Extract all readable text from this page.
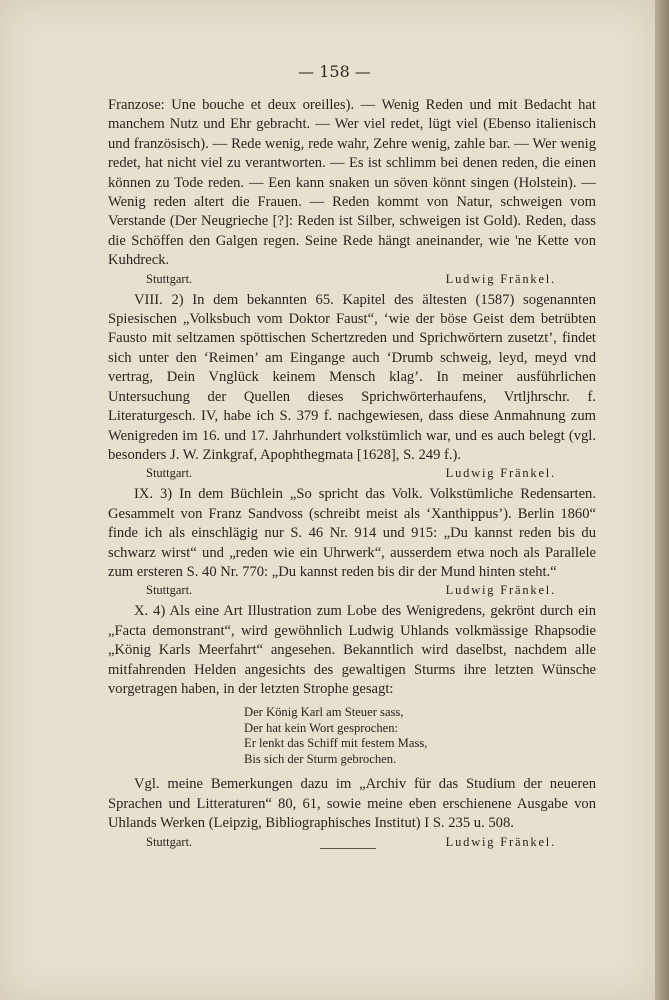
— 158 —

Franzose: Une bouche et deux oreilles). — Wenig Reden und mit Bedacht hat manchem Nutz und Ehr gebracht. — Wer viel redet, lügt viel (Ebenso italienisch und französisch). — Rede wenig, rede wahr, Zehre wenig, zahle bar. — Wer wenig redet, hat nicht viel zu verantworten. — Es ist schlimm bei denen reden, die einen können zu Tode reden. — Een kann snaken un söven könnt singen (Holstein). — Wenig reden altert die Frauen. — Reden kommt von Natur, schweigen vom Verstande (Der Neugrieche [?]: Reden ist Silber, schweigen ist Gold). Reden, dass die Schöffen den Galgen regen. Seine Rede hängt aneinander, wie 'ne Kette von Kuhdreck.

Stuttgart.	Ludwig Fränkel.

VIII. 2) In dem bekannten 65. Kapitel des ältesten (1587) sogenannten Spiesischen „Volksbuch vom Doktor Faust“, ‘wie der böse Geist dem betrübten Fausto mit seltzamen spöttischen Schertzreden und Sprichwörtern zusetzt’, findet sich unter den ‘Reimen’ am Eingange auch ‘Drumb schweig, leyd, meyd vnd vertrag, Dein Vnglück keinem Mensch klag’. In meiner ausführlichen Untersuchung der Quellen dieses Sprichwörterhaufens, Vrtljhrschr. f. Literaturgesch. IV, habe ich S. 379 f. nachgewiesen, dass diese Anmahnung zum Wenigreden im 16. und 17. Jahrhundert volkstümlich war, und es auch belegt (vgl. besonders J. W. Zinkgraf, Apophthegmata [1628], S. 249 f.).

Stuttgart.	Ludwig Fränkel.

IX. 3) In dem Büchlein „So spricht das Volk. Volkstümliche Redensarten. Gesammelt von Franz Sandvoss (schreibt meist als ‘Xanthippus’). Berlin 1860“ finde ich als einschlägig nur S. 46 Nr. 914 und 915: „Du kannst reden bis du schwarz wirst“ und „reden wie ein Uhrwerk“, ausserdem etwa noch als Parallele zum ersteren S. 40 Nr. 770: „Du kannst reden bis dir der Mund hinten steht.“

Stuttgart.	Ludwig Fränkel.

X. 4) Als eine Art Illustration zum Lobe des Wenigredens, gekrönt durch ein „Facta demonstrant“, wird gewöhnlich Ludwig Uhlands volkmässige Rhapsodie „König Karls Meerfahrt“ angesehen. Bekanntlich wird daselbst, nachdem alle mitfahrenden Helden angesichts des gewaltigen Sturms ihre letzten Wünsche vorgetragen haben, in der letzten Strophe gesagt:

Der König Karl am Steuer sass,
Der hat kein Wort gesprochen:
Er lenkt das Schiff mit festem Mass,
Bis sich der Sturm gebrochen.

Vgl. meine Bemerkungen dazu im „Archiv für das Studium der neueren Sprachen und Litteraturen“ 80, 61, sowie meine eben erschienene Ausgabe von Uhlands Werken (Leipzig, Bibliographisches Institut) I S. 235 u. 508.

Stuttgart.	Ludwig Fränkel.
